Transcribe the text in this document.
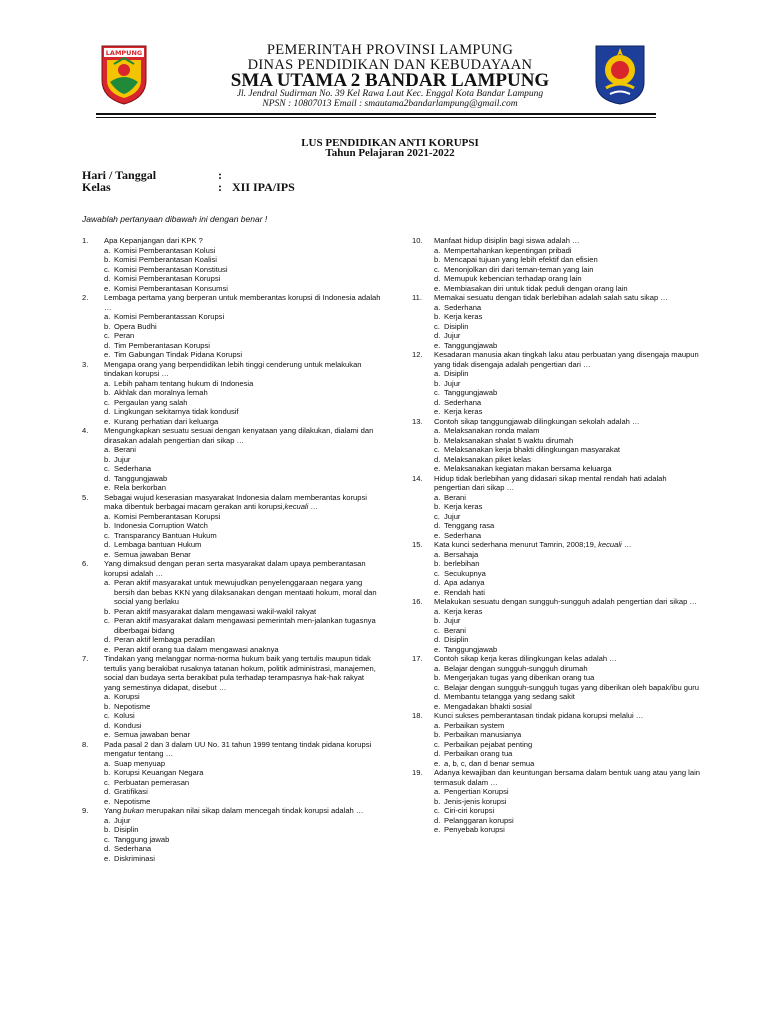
LAMPUNG	PEMERINTAH PROVINSI LAMPUNG
DINAS PENDIDIKAN DAN KEBUDAYAAN
SMA UTAMA 2 BANDAR LAMPUNG
Jl. Jendral Sudirman No. 39 Kel Rawa Laut Kec. Enggal Kota Bandar Lampung
NPSN : 10807013 Email : smautama2bandarlampung@gmail.com
LUS PENDIDIKAN ANTI KORUPSI
Tahun Pelajaran 2021-2022
Hari / Tanggal	:
Kelas	: XII IPA/IPS
Jawablah pertanyaan dibawah ini dengan benar !
1.	Apa Kepanjangan dari KPK ?
a. Komisi Pemberantasan Kolusi
b. Komisi Pemberantasan Koalisi
c. Komisi Pemberantasan Konstitusi
d. Komisi Pemberantasan Korupsi
e. Komisi Pemberantasan Konsumsi
2.	Lembaga pertama yang berperan untuk memberantas korupsi di Indonesia adalah …
a. Komisi Pemberantassan Korupsi
b. Opera Budhi
c. Peran
d. Tim Pemberantasan Korupsi
e. Tim Gabungan Tindak Pidana Korupsi
3.	Mengapa orang yang berpendidikan lebih tinggi cenderung untuk melakukan tindakan korupsi …
a. Lebih paham tentang hukum di Indonesia
b. Akhlak dan moralnya lemah
c. Pergaulan yang salah
d. Lingkungan sekitarnya tidak kondusif
e. Kurang perhatian dari keluarga
4.	Mengungkapkan sesuatu sesuai dengan kenyataan yang dilakukan, dialami dan dirasakan adalah pengertian dari sikap …
a. Berani
b. Jujur
c. Sederhana
d. Tanggungjawab
e. Rela berkorban
5.	Sebagai wujud keserasian masyarakat Indonesia dalam memberantas korupsi maka dibentuk berbagai macam gerakan anti korupsi,kecuali …
a. Komisi Pemberantasan Korupsi
b. Indonesia Corruption Watch
c. Transparancy Bantuan Hukum
d. Lembaga bantuan Hukum
e. Semua jawaban Benar
6.	Yang dimaksud dengan peran serta masyarakat dalam upaya pemberantasan korupsi adalah …
a. Peran aktif masyarakat untuk mewujudkan penyelenggaraan negara yang bersih dan bebas KKN yang dilaksanakan dengan mentaati hokum, moral dan social yang berlaku
b. Peran aktif masyarakat dalam mengawasi wakil-wakil rakyat
c. Peran aktif masyarakat dalam mengawasi pemerintah men-jalankan tugasnya diberbagai bidang
d. Peran aktif lembaga peradilan
e. Peran aktif orang tua dalam mengawasi anaknya
7.	Tindakan yang melanggar norma-norma hukum baik yang tertulis maupun tidak tertulis yang berakibat rusaknya tatanan hokum, politik administrasi, manajemen, social dan budaya serta berakibat pula terhadap terampasnya hak-hak rakyat yang semestinya didapat, disebut …
a. Korupsi
b. Nepotisme
c. Kolusi
d. Kondusi
e. Semua jawaban benar
8.	Pada pasal 2 dan 3 dalam UU No. 31 tahun 1999 tentang tindak pidana korupsi mengatur tentang …
a. Suap menyuap
b. Korupsi Keuangan Negara
c. Perbuatan pemerasan
d. Gratifikasi
e. Nepotisme
9.	Yang bukan merupakan nilai sikap dalam mencegah tindak korupsi adalah …
a. Jujur
b. Disiplin
c. Tanggung jawab
d. Sederhana
e. Diskriminasi
10.	Manfaat hidup disiplin bagi siswa adalah …
a. Mempertahankan kepentingan pribadi
b. Mencapai tujuan yang lebih efektif dan efisien
c. Menonjolkan diri dari teman-teman yang lain
d. Memupuk kebencian terhadap orang lain
e. Membiasakan diri untuk tidak peduli dengan orang lain
11.	Memakai sesuatu dengan tidak berlebihan adalah salah satu sikap …
a. Sederhana
b. Kerja keras
c. Disiplin
d. Jujur
e. Tanggungjawab
12.	Kesadaran manusia akan tingkah laku atau perbuatan yang disengaja maupun yang tidak disengaja adalah pengertian dari …
a. Disiplin
b. Jujur
c. Tanggungjawab
d. Sederhana
e. Kerja keras
13.	Contoh sikap tanggungjawab dilingkungan sekolah adalah …
a. Melaksanakan ronda malam
b. Melaksanakan shalat 5 waktu dirumah
c. Melaksanakan kerja bhakti dilingkungan masyarakat
d. Melaksanakan piket kelas
e. Melaksanakan kegiatan makan bersama keluarga
14.	Hidup tidak berlebihan yang didasari sikap mental rendah hati adalah pengertian dari sikap …
a. Berani
b. Kerja keras
c. Jujur
d. Tenggang rasa
e. Sederhana
15.	Kata kunci sederhana menurut Tamrin, 2008;19, kecuali …
a. Bersahaja
b. berlebihan
c. Secukupnya
d. Apa adanya
e. Rendah hati
16.	Melakukan sesuatu dengan sungguh-sungguh adalah pengertian dari sikap …
a. Kerja keras
b. Jujur
c. Berani
d. Disiplin
e. Tanggungjawab
17.	Contoh sikap kerja keras dilingkungan kelas adalah …
a. Belajar dengan sungguh-sungguh dirumah
b. Mengerjakan tugas yang diberikan orang tua
c. Belajar dengan sungguh-sungguh tugas yang diberikan oleh bapak/ibu guru
d. Membantu tetangga yang sedang sakit
e. Mengadakan bhakti sosial
18.	Kunci sukses pemberantasan tindak pidana korupsi melalui …
a. Perbaikan system
b. Perbaikan manusianya
c. Perbaikan pejabat penting
d. Perbaikan orang tua
e. a, b, c, dan d benar semua
19.	Adanya kewajiban dan keuntungan bersama dalam bentuk uang atau yang lain termasuk dalam …
a. Pengertian Korupsi
b. Jenis-jenis korupsi
c. Ciri-ciri korupsi
d. Pelanggaran korupsi
e. Penyebab korupsi
